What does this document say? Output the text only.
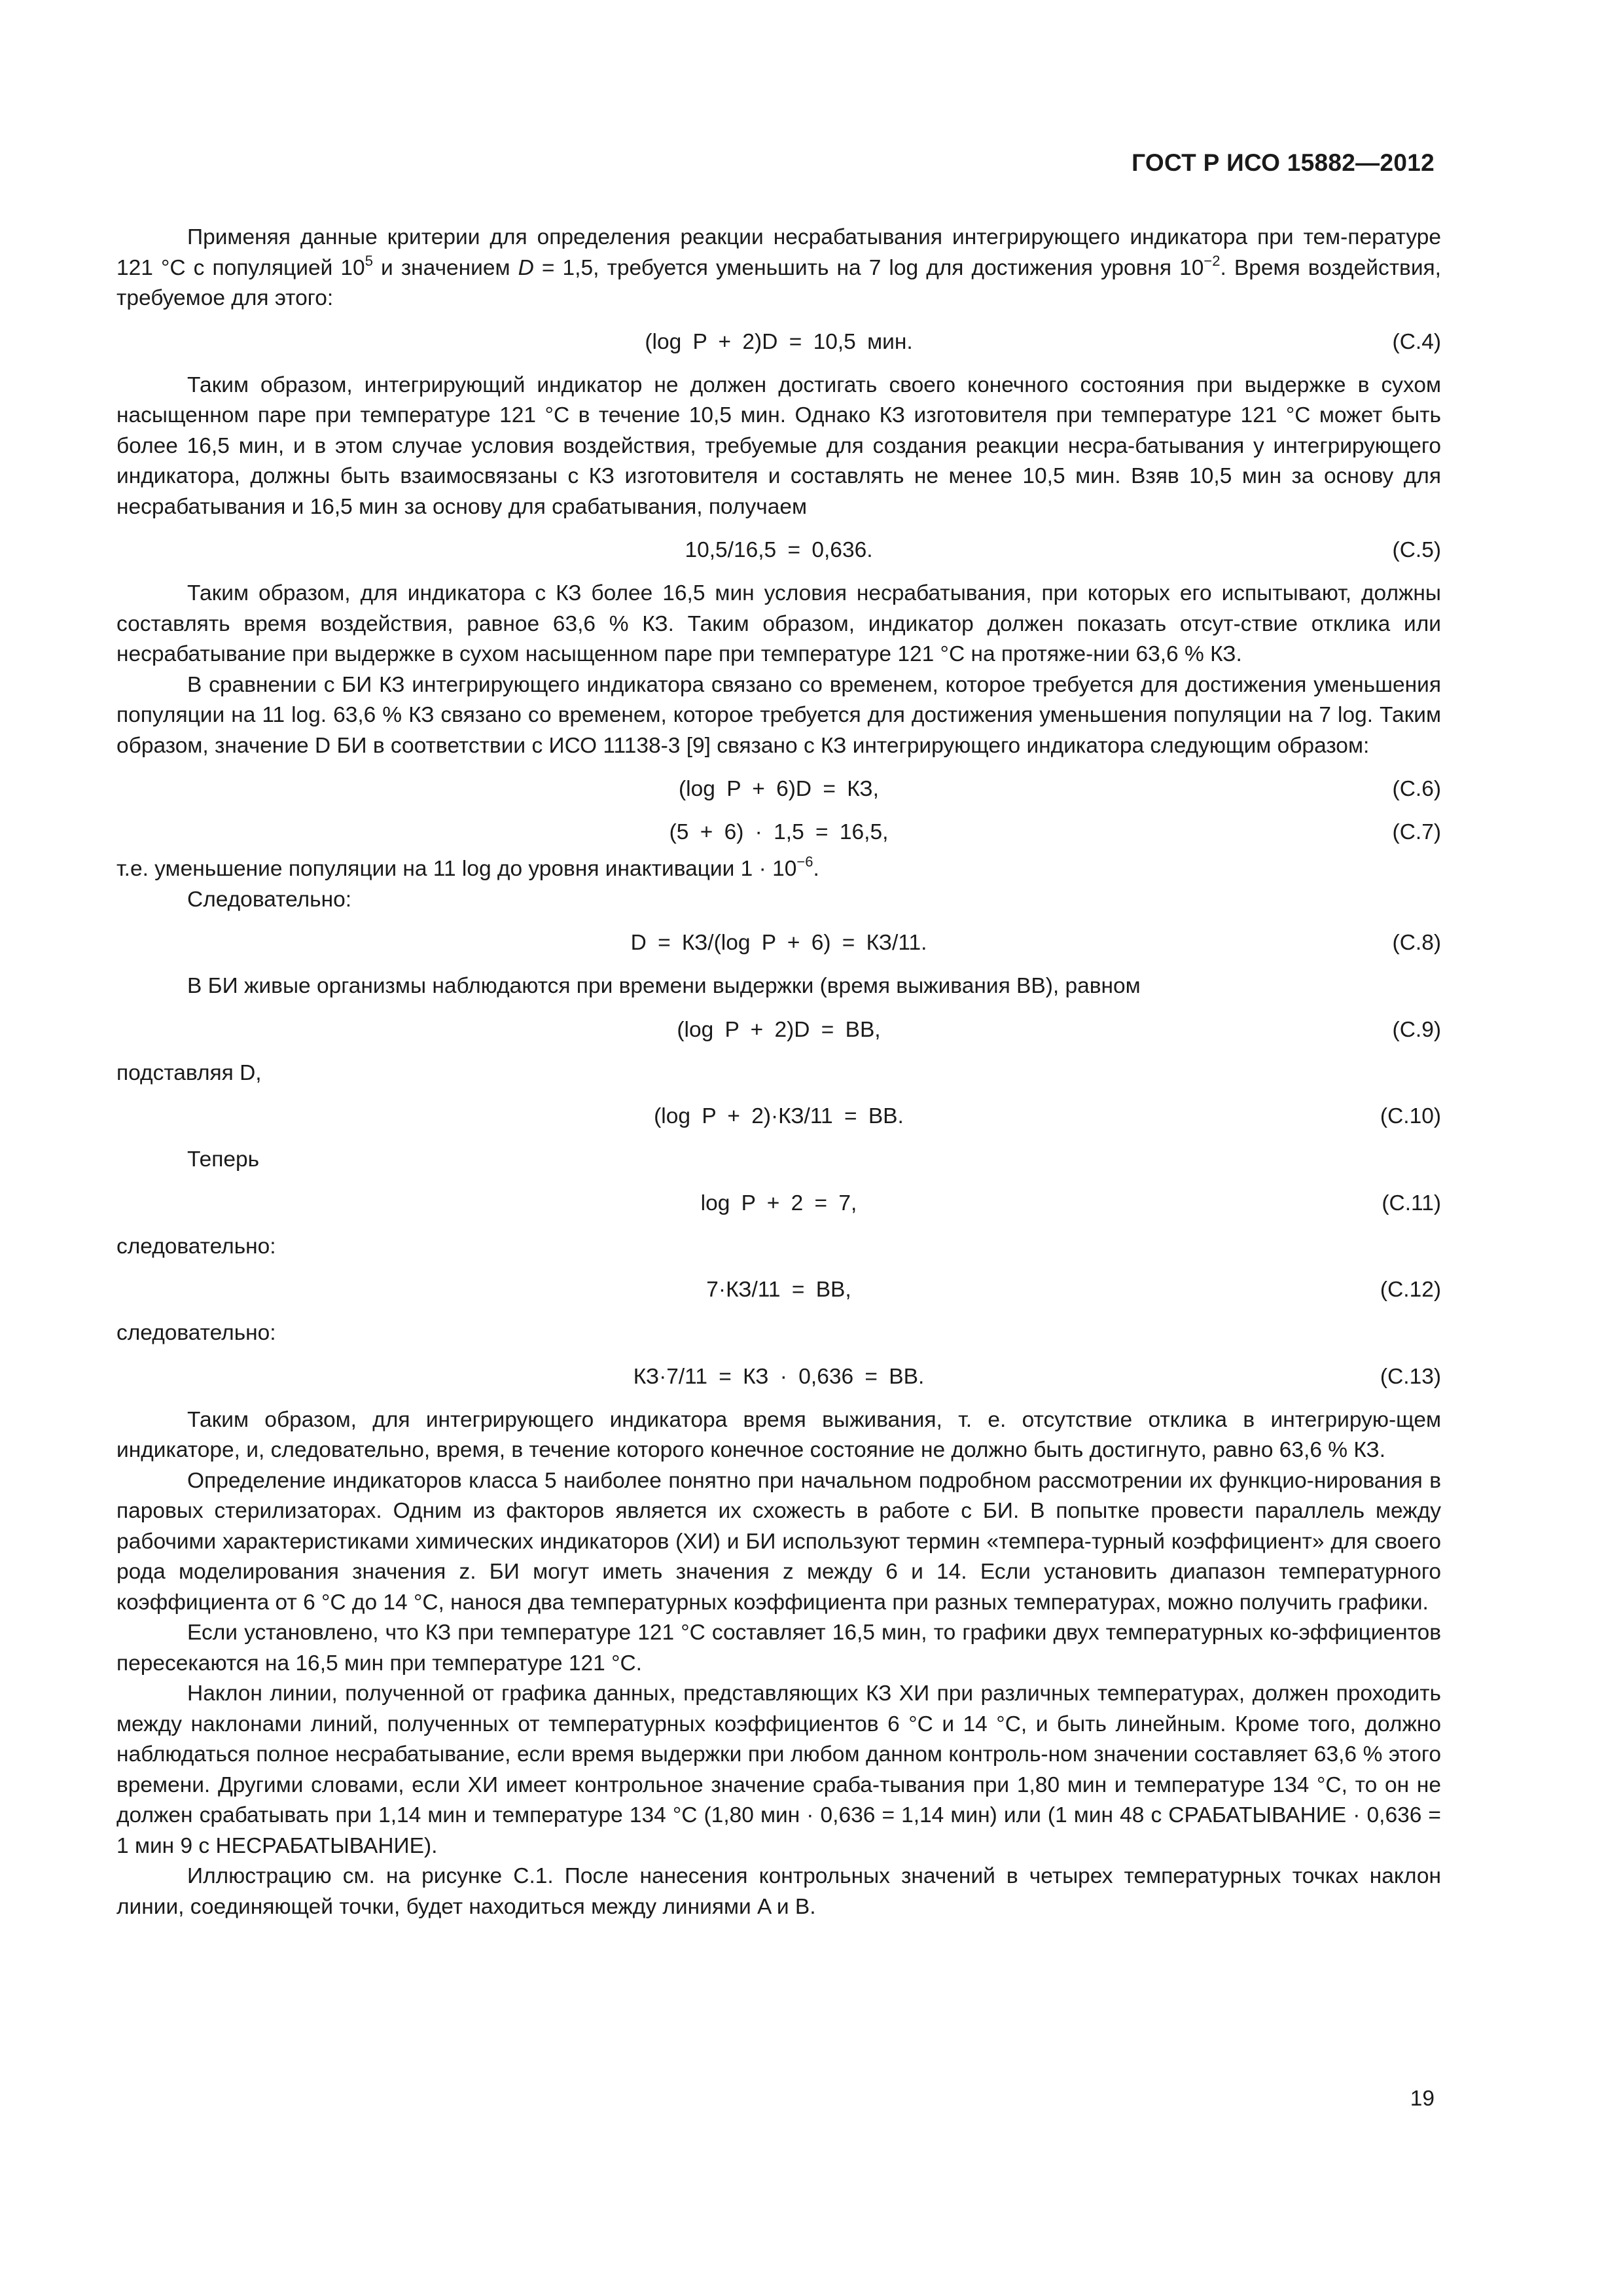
ГОСТ Р ИСО 15882—2012

Применяя данные критерии для определения реакции несрабатывания интегрирующего индикатора при тем-пературе 121 °С с популяцией $10^5$ и значением D = 1,5, требуется уменьшить на 7 log для достижения уровня $10^{-2}$. Время воздействия, требуемое для этого:

(log P + 2)D = 10,5 мин.	(С.4)

Таким образом, интегрирующий индикатор не должен достигать своего конечного состояния при выдержке в сухом насыщенном паре при температуре 121 °С в течение 10,5 мин. Однако КЗ изготовителя при температуре 121 °С может быть более 16,5 мин, и в этом случае условия воздействия, требуемые для создания реакции несра-батывания у интегрирующего индикатора, должны быть взаимосвязаны с КЗ изготовителя и составлять не менее 10,5 мин. Взяв 10,5 мин за основу для несрабатывания и 16,5 мин за основу для срабатывания, получаем

10,5/16,5 = 0,636.	(С.5)

Таким образом, для индикатора с КЗ более 16,5 мин условия несрабатывания, при которых его испытывают, должны составлять время воздействия, равное 63,6 % КЗ. Таким образом, индикатор должен показать отсут-ствие отклика или несрабатывание при выдержке в сухом насыщенном паре при температуре 121 °С на протяже-нии 63,6 % КЗ.

В сравнении с БИ КЗ интегрирующего индикатора связано со временем, которое требуется для достижения уменьшения популяции на 11 log. 63,6 % КЗ связано со временем, которое требуется для достижения уменьшения популяции на 7 log. Таким образом, значение D БИ в соответствии с ИСО 11138-3 [9] связано с КЗ интегрирующего индикатора следующим образом:

(log P + 6)D = КЗ,	(С.6)
(5 + 6) · 1,5 = 16,5,	(С.7)

т.е. уменьшение популяции на 11 log до уровня инактивации $1 \cdot 10^{-6}$.

Следовательно:

D = КЗ/(log P + 6) = КЗ/11.	(С.8)

В БИ живые организмы наблюдаются при времени выдержки (время выживания ВВ), равном

(log P + 2)D = ВВ,	(С.9)

подставляя D,

(log P + 2)·КЗ/11 = ВВ.	(С.10)

Теперь

log P + 2 = 7,	(С.11)

следовательно:

7·КЗ/11 = ВВ,	(С.12)

следовательно:

КЗ·7/11 = КЗ · 0,636 = ВВ.	(С.13)

Таким образом, для интегрирующего индикатора время выживания, т. е. отсутствие отклика в интегрирую-щем индикаторе, и, следовательно, время, в течение которого конечное состояние не должно быть достигнуто, равно 63,6 % КЗ.

Определение индикаторов класса 5 наиболее понятно при начальном подробном рассмотрении их функцио-нирования в паровых стерилизаторах. Одним из факторов является их схожесть в работе с БИ. В попытке провести параллель между рабочими характеристиками химических индикаторов (ХИ) и БИ используют термин «темпера-турный коэффициент» для своего рода моделирования значения z. БИ могут иметь значения z между 6 и 14. Если установить диапазон температурного коэффициента от 6 °С до 14 °С, нанося два температурных коэффициента при разных температурах, можно получить графики.

Если установлено, что КЗ при температуре 121 °С составляет 16,5 мин, то графики двух температурных ко-эффициентов пересекаются на 16,5 мин при температуре 121 °С.

Наклон линии, полученной от графика данных, представляющих КЗ ХИ при различных температурах, должен проходить между наклонами линий, полученных от температурных коэффициентов 6 °С и 14 °С, и быть линейным. Кроме того, должно наблюдаться полное несрабатывание, если время выдержки при любом данном контроль-ном значении составляет 63,6 % этого времени. Другими словами, если ХИ имеет контрольное значение сраба-тывания при 1,80 мин и температуре 134 °С, то он не должен срабатывать при 1,14 мин и температуре 134 °С (1,80 мин · 0,636 = 1,14 мин) или (1 мин 48 с СРАБАТЫВАНИЕ · 0,636 = 1 мин 9 с НЕСРАБАТЫВАНИЕ).

Иллюстрацию см. на рисунке С.1. После нанесения контрольных значений в четырех температурных точках наклон линии, соединяющей точки, будет находиться между линиями A и B.

19
